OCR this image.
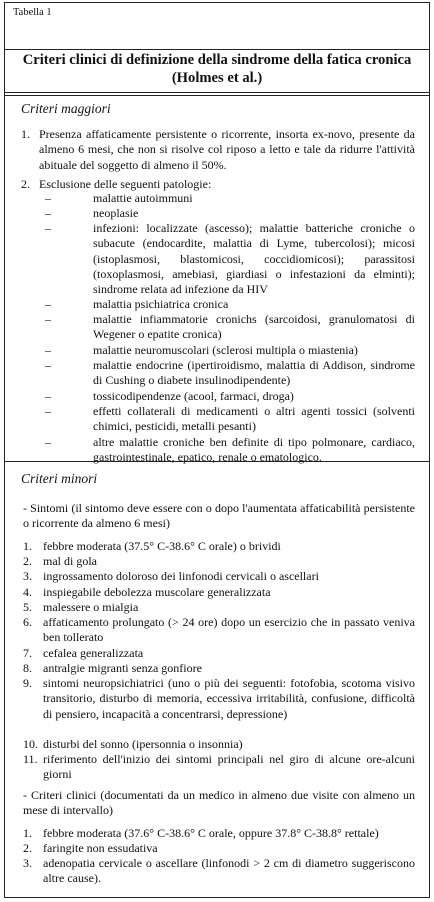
Tabella 1
Criteri clinici di definizione della sindrome della fatica cronica
(Holmes et al.)
Criteri maggiori
1. Presenza affaticamente persistente o ricorrente, insorta ex-novo, presente da almeno 6 mesi, che non si risolve col riposo a letto e tale da ridurre l'attività abituale del soggetto di almeno il 50%.
2. Esclusione delle seguenti patologie:
–	malattie autoimmuni
–	neoplasie
–	infezioni: localizzate (ascesso); malattie batteriche croniche o subacute (endocardite, malattia di Lyme, tubercolosi); micosi (istoplasmosi, blastomicosi, coccidiomicosi); parassitosi (toxoplasmosi, amebiasi, giardiasi o infestazioni da elminti); sindrome relata ad infezione da HIV
–	malattia psichiatrica cronica
–	malattie infiammatorie cronichs (sarcoidosi, granulomatosi di Wegener o epatite cronica)
–	malattie neuromuscolari (sclerosi multipla o miastenia)
–	malattie endocrine (ipertiroidismo, malattia di Addison, sindrome di Cushing o diabete insulinodipendente)
–	tossicodipendenze (acool, farmaci, droga)
–	effetti collaterali di medicamenti o altri agenti tossici (solventi chimici, pesticidi, metalli pesanti)
–	altre malattie croniche ben definite di tipo polmonare, cardiaco, gastrointestinale, epatico, renale o ematologico.
Criteri minori
- Sintomi (il sintomo deve essere con o dopo l'aumentata affaticabilità persistente o ricorrente da almeno 6 mesi)
1. febbre moderata (37.5° C-38.6° C orale) o brividi
2. mal di gola
3. ingrossamento doloroso dei linfonodi cervicali o ascellari
4. inspiegabile debolezza muscolare generalizzata
5. malessere o mialgia
6. affaticamento prolungato (> 24 ore) dopo un esercizio che in passato veniva ben tollerato
7. cefalea generalizzata
8. antralgie migranti senza gonfiore
9. sintomi neuropsichiatrici (uno o più dei seguenti: fotofobia, scotoma visivo transitorio, disturbo di memoria, eccessiva irritabilità, confusione, difficoltà di pensiero, incapacità a concentrarsi, depressione)
10. disturbi del sonno (ipersonnia o insonnia)
11. riferimento dell'inizio dei sintomi principali nel giro di alcune ore-alcuni giorni
- Criteri clinici (documentati da un medico in almeno due visite con almeno un mese di intervallo)
1. febbre moderata (37.6° C-38.6° C orale, oppure 37.8° C-38.8° rettale)
2. faringite non essudativa
3. adenopatia cervicale o ascellare (linfonodi > 2 cm di diametro suggeriscono altre cause).
